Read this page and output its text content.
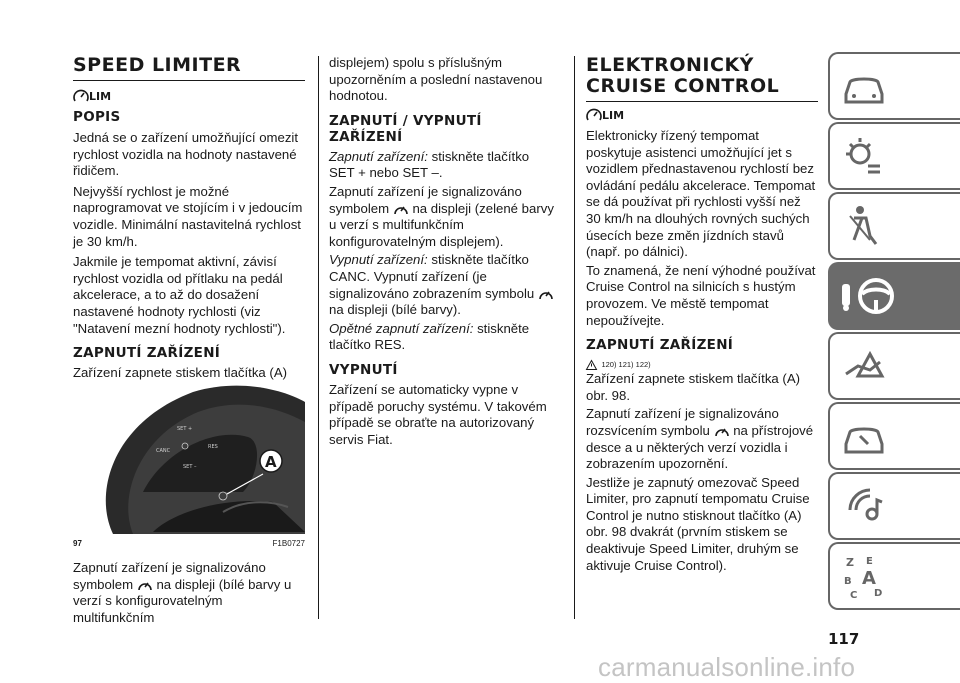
SPEED LIMITER
LIM
POPIS

Jedná se o zařízení umožňující omezit rychlost vozidla na hodnoty nastavené řidičem.

Nejvyšší rychlost je možné naprogramovat ve stojícím i v jedoucím vozidle. Minimální nastavitelná rychlost je 30 km/h.

Jakmile je tempomat aktivní, závisí rychlost vozidla od přítlaku na pedál akcelerace, a to až do dosažení nastavené hodnoty rychlosti (viz "Natavení mezní hodnoty rychlosti").

ZAPNUTÍ ZAŘÍZENÍ

Zařízení zapnete stiskem tlačítka (A)

Zapnutí zařízení je signalizováno symbolem na displeji (bílé barvy u verzí s konfigurovatelným multifunkčním

SET +
CANC
RES
SET –	A
97	F1B0727

displejem) spolu s příslušným upozorněním a poslední nastavenou hodnotou.

ZAPNUTÍ / VYPNUTÍ ZAŘÍZENÍ

Zapnutí zařízení: stiskněte tlačítko SET + nebo SET –.

Zapnutí zařízení je signalizováno symbolem na displeji (zelené barvy u verzí s multifunkčním konfigurovatelným displejem).

Vypnutí zařízení: stiskněte tlačítko CANC. Vypnutí zařízení (je signalizováno zobrazením symbolu  na displeji (bílé barvy).

Opětné zapnutí zařízení: stiskněte tlačítko RES.

VYPNUTÍ

Zařízení se automaticky vypne v případě poruchy systému. V takovém případě se obraťte na autorizovaný servis Fiat.

ELEKTRONICKÝ
CRUISE CONTROL
LIM

Elektronicky řízený tempomat poskytuje asistenci umožňující jet s vozidlem přednastavenou rychlostí bez ovládání pedálu akcelerace. Tempomat se dá používat při rychlosti vyšší než 30 km/h na dlouhých rovných suchých úsecích beze změn jízdních stavů (např. po dálnici).

To znamená, že není výhodné používat Cruise Control na silnicích s hustým provozem. Ve městě tempomat nepoužívejte.

ZAPNUTÍ ZAŘÍZENÍ
120) 121) 122)

Zařízení zapnete stiskem tlačítka (A) obr. 98.

Zapnutí zařízení je signalizováno rozsvícením symbolu na přístrojové desce a u některých verzí vozidla i zobrazením upozornění.

Jestliže je zapnutý omezovač Speed Limiter, pro zapnutí tempomatu Cruise Control je nutno stisknout tlačítko (A) obr. 98 dvakrát (prvním stiskem se deaktivuje Speed Limiter, druhým se aktivuje Cruise Control).	Z E
A
B
C D
117
carmanualsonline.info
